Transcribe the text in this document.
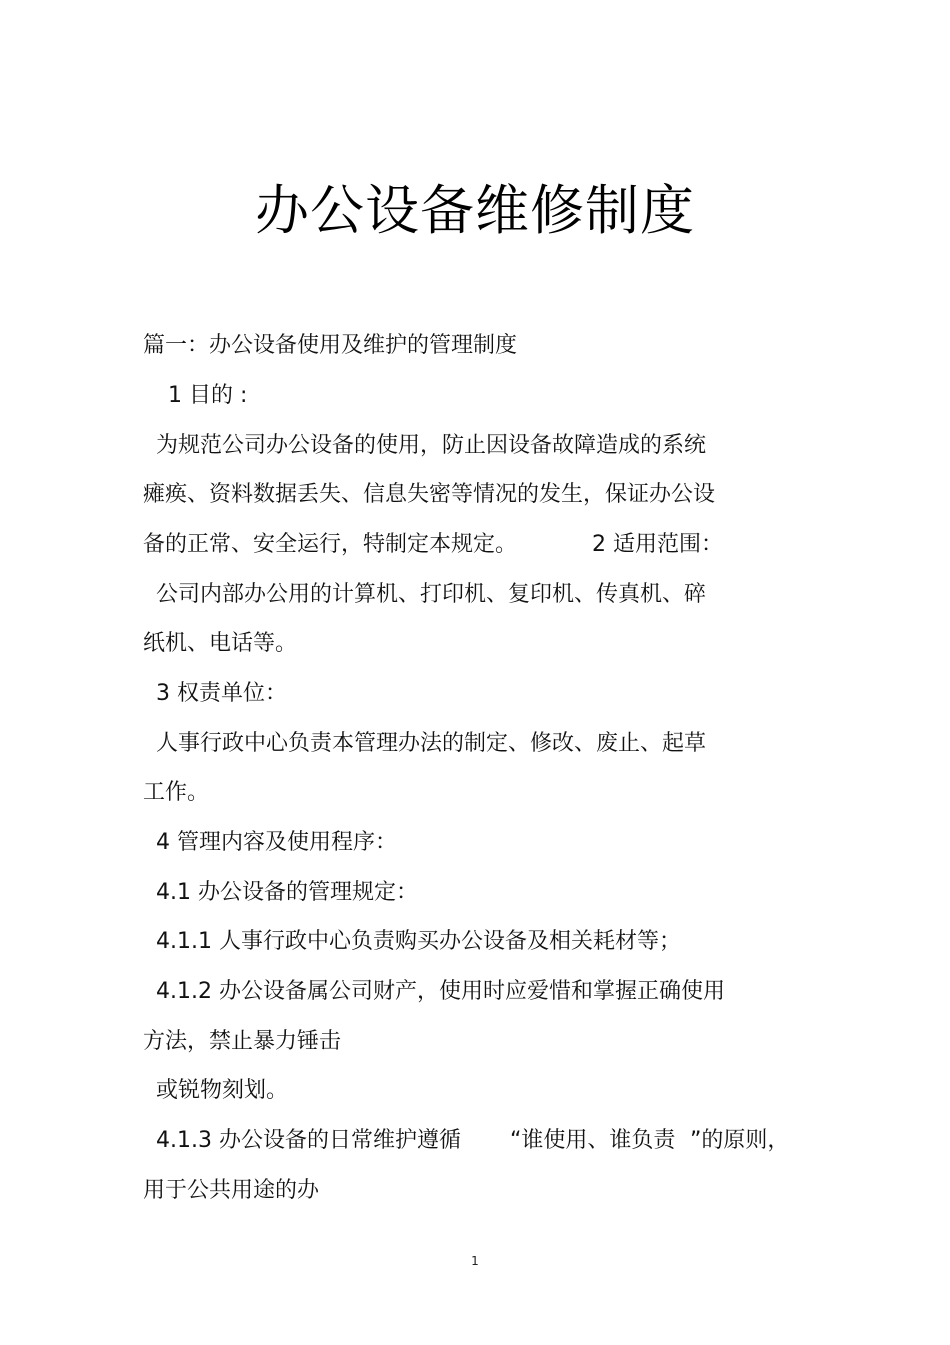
办公设备维修制度
篇一：办公设备使用及维护的管理制度
1 目的 :
为规范公司办公设备的使用，防止因设备故障造成的系统
瘫痪、资料数据丢失、信息失密等情况的发生，保证办公设
备的正常、安全运行，特制定本规定。	2 适用范围：
公司内部办公用的计算机、打印机、复印机、传真机、碎
纸机、电话等。
3 权责单位：
人事行政中心负责本管理办法的制定、修改、废止、起草
工作。
4 管理内容及使用程序：
4.1 办公设备的管理规定：
4.1.1 人事行政中心负责购买办公设备及相关耗材等；
4.1.2 办公设备属公司财产，使用时应爱惜和掌握正确使用
方法，禁止暴力锤击
或锐物刻划。
4.1.3 办公设备的日常维护遵循 “谁使用、谁负责 ”的原则，
用于公共用途的办
1
